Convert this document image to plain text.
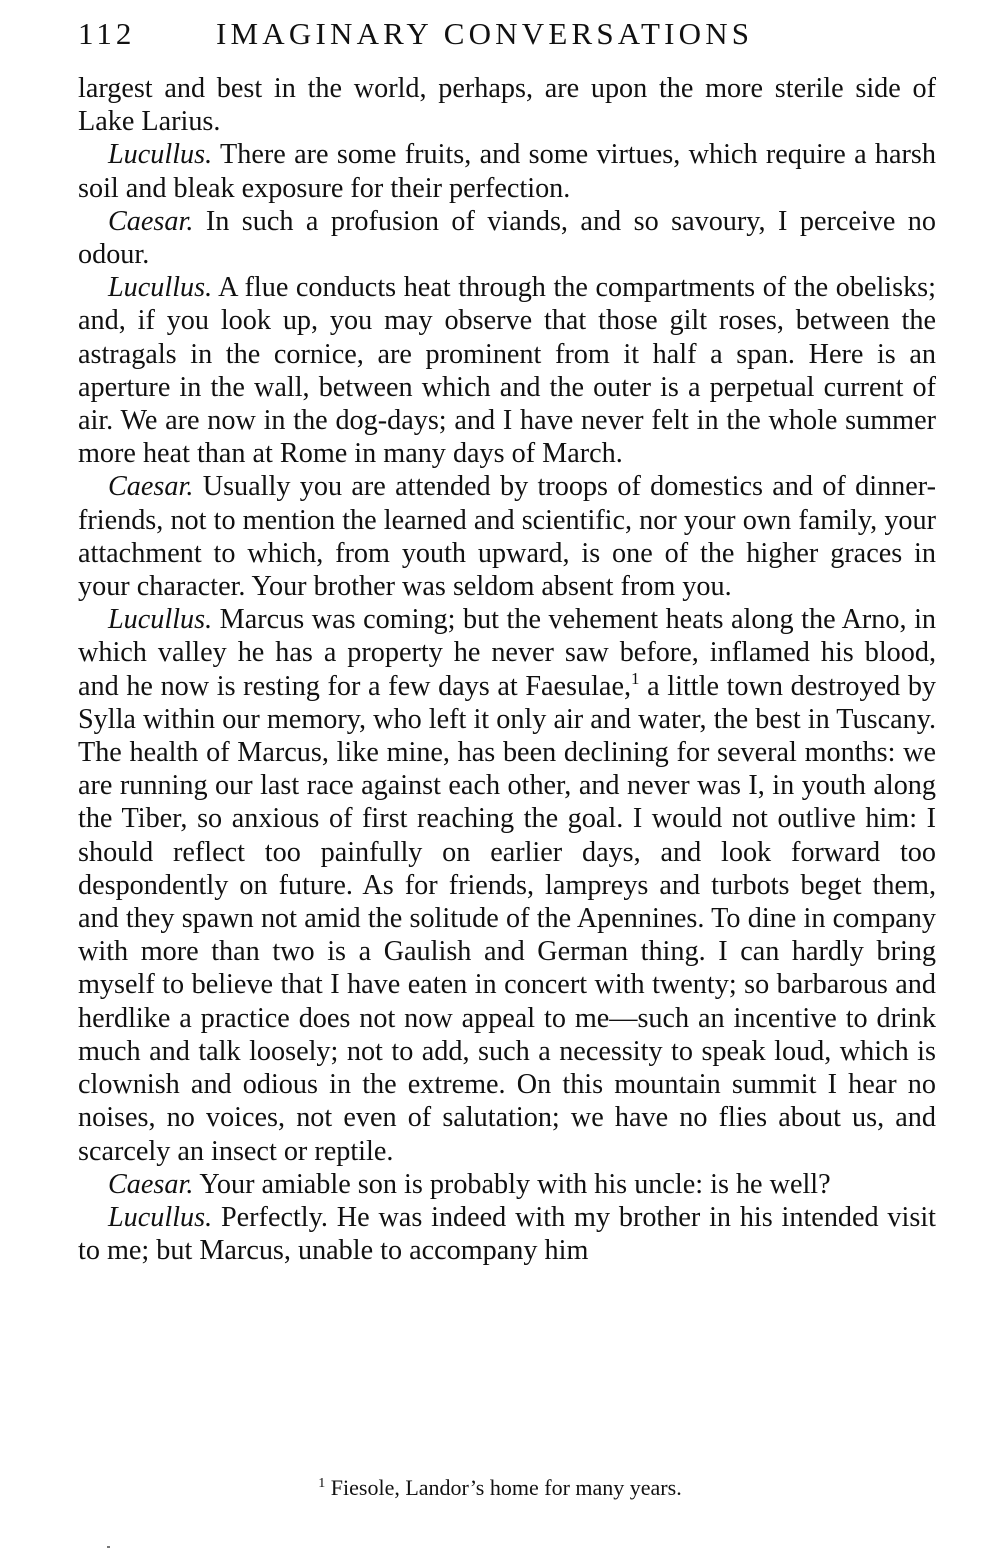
112	IMAGINARY CONVERSATIONS

largest and best in the world, perhaps, are upon the more sterile side of Lake Larius.

Lucullus. There are some fruits, and some virtues, which require a harsh soil and bleak exposure for their perfection.

Caesar. In such a profusion of viands, and so savoury, I perceive no odour.

Lucullus. A flue conducts heat through the compartments of the obelisks; and, if you look up, you may observe that those gilt roses, between the astragals in the cornice, are prominent from it half a span. Here is an aperture in the wall, between which and the outer is a perpetual current of air. We are now in the dog-days; and I have never felt in the whole summer more heat than at Rome in many days of March.

Caesar. Usually you are attended by troops of domestics and of dinner-friends, not to mention the learned and scientific, nor your own family, your attachment to which, from youth upward, is one of the higher graces in your character. Your brother was seldom absent from you.

Lucullus. Marcus was coming; but the vehement heats along the Arno, in which valley he has a property he never saw before, inflamed his blood, and he now is resting for a few days at Faesulae,$^1$ a little town destroyed by Sylla within our memory, who left it only air and water, the best in Tuscany. The health of Marcus, like mine, has been declining for several months: we are running our last race against each other, and never was I, in youth along the Tiber, so anxious of first reaching the goal. I would not outlive him: I should reflect too painfully on earlier days, and look forward too despondently on future. As for friends, lampreys and turbots beget them, and they spawn not amid the solitude of the Apennines. To dine in company with more than two is a Gaulish and German thing. I can hardly bring myself to believe that I have eaten in concert with twenty; so barbarous and herdlike a practice does not now appeal to me—such an incentive to drink much and talk loosely; not to add, such a necessity to speak loud, which is clownish and odious in the extreme. On this mountain summit I hear no noises, no voices, not even of salutation; we have no flies about us, and scarcely an insect or reptile.

Caesar. Your amiable son is probably with his uncle: is he well?

Lucullus. Perfectly. He was indeed with my brother in his intended visit to me; but Marcus, unable to accompany him

$^1$ Fiesole, Landor’s home for many years.
